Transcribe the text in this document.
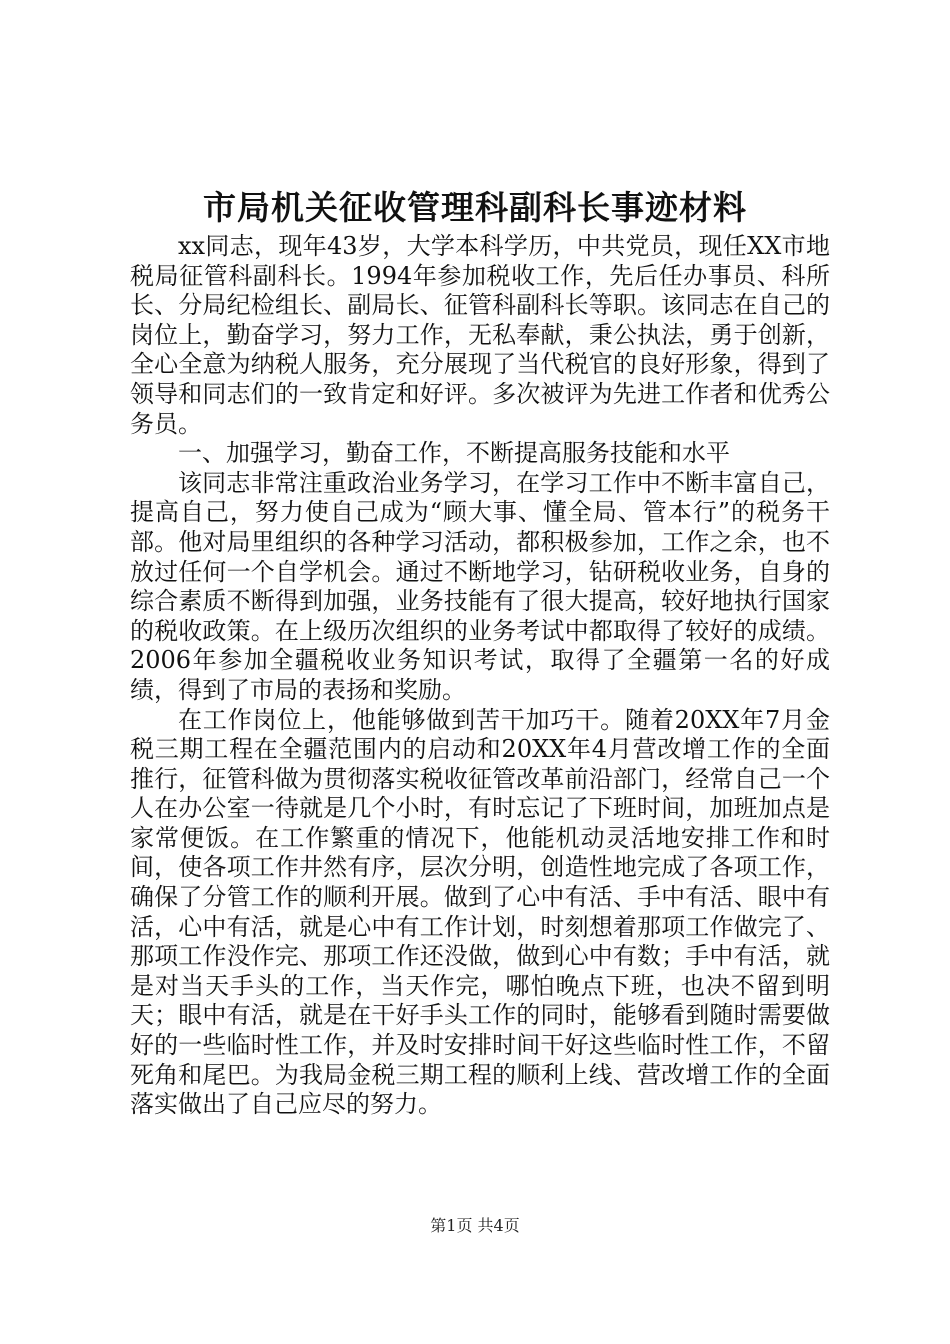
市局机关征收管理科副科长事迹材料

xx同志，现年43岁，大学本科学历，中共党员，现任XX市地税局征管科副科长。1994年参加税收工作，先后任办事员、科所长、分局纪检组长、副局长、征管科副科长等职。该同志在自己的岗位上，勤奋学习，努力工作，无私奉献，秉公执法，勇于创新，全心全意为纳税人服务，充分展现了当代税官的良好形象，得到了领导和同志们的一致肯定和好评。多次被评为先进工作者和优秀公务员。

一、加强学习，勤奋工作，不断提高服务技能和水平

该同志非常注重政治业务学习，在学习工作中不断丰富自己，提高自己，努力使自己成为“顾大事、懂全局、管本行”的税务干部。他对局里组织的各种学习活动，都积极参加，工作之余，也不放过任何一个自学机会。通过不断地学习，钻研税收业务，自身的综合素质不断得到加强，业务技能有了很大提高，较好地执行国家的税收政策。在上级历次组织的业务考试中都取得了较好的成绩。2006年参加全疆税收业务知识考试，取得了全疆第一名的好成绩，得到了市局的表扬和奖励。

在工作岗位上，他能够做到苦干加巧干。随着20XX年7月金税三期工程在全疆范围内的启动和20XX年4月营改增工作的全面推行，征管科做为贯彻落实税收征管改革前沿部门，经常自己一个人在办公室一待就是几个小时，有时忘记了下班时间，加班加点是家常便饭。在工作繁重的情况下，他能机动灵活地安排工作和时间，使各项工作井然有序，层次分明，创造性地完成了各项工作，确保了分管工作的顺利开展。做到了心中有活、手中有活、眼中有活，心中有活，就是心中有工作计划，时刻想着那项工作做完了、那项工作没作完、那项工作还没做，做到心中有数；手中有活，就是对当天手头的工作，当天作完，哪怕晚点下班，也决不留到明天；眼中有活，就是在干好手头工作的同时，能够看到随时需要做好的一些临时性工作，并及时安排时间干好这些临时性工作，不留死角和尾巴。为我局金税三期工程的顺利上线、营改增工作的全面落实做出了自己应尽的努力。

第1页 共4页
